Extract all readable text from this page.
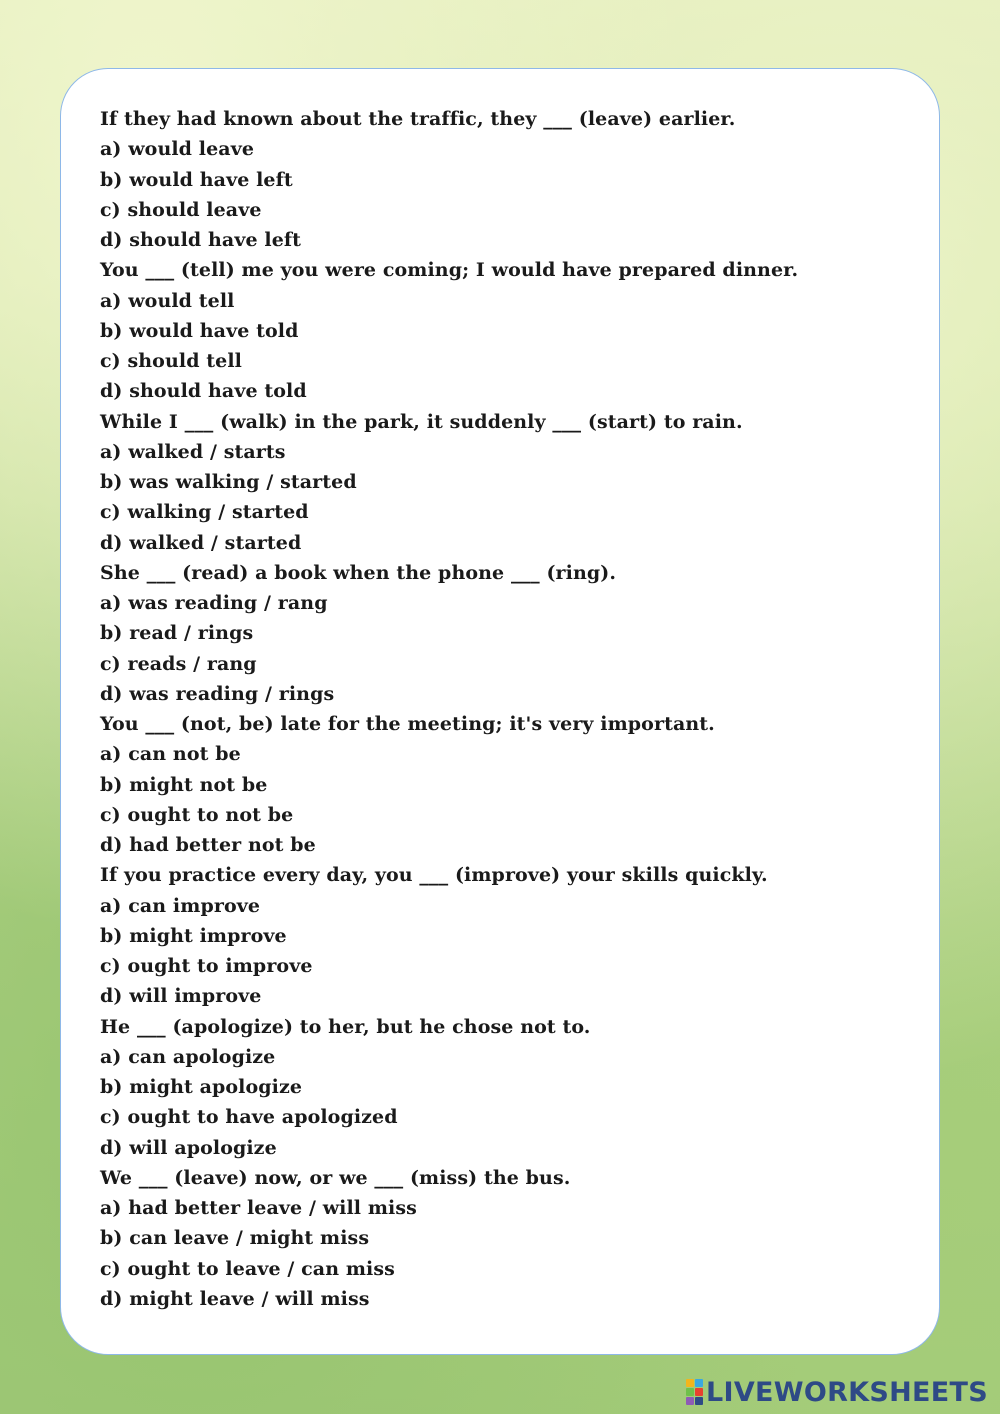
If they had known about the traffic, they ___ (leave) earlier.
a) would leave
b) would have left
c) should leave
d) should have left
You ___ (tell) me you were coming; I would have prepared dinner.
a) would tell
b) would have told
c) should tell
d) should have told
While I ___ (walk) in the park, it suddenly ___ (start) to rain.
a) walked / starts
b) was walking / started
c) walking / started
d) walked / started
She ___ (read) a book when the phone ___ (ring).
a) was reading / rang
b) read / rings
c) reads / rang
d) was reading / rings
You ___ (not, be) late for the meeting; it's very important.
a) can not be
b) might not be
c) ought to not be
d) had better not be
If you practice every day, you ___ (improve) your skills quickly.
a) can improve
b) might improve
c) ought to improve
d) will improve
He ___ (apologize) to her, but he chose not to.
a) can apologize
b) might apologize
c) ought to have apologized
d) will apologize
We ___ (leave) now, or we ___ (miss) the bus.
a) had better leave / will miss
b) can leave / might miss
c) ought to leave / can miss
d) might leave / will miss
LIVEWORKSHEETS
